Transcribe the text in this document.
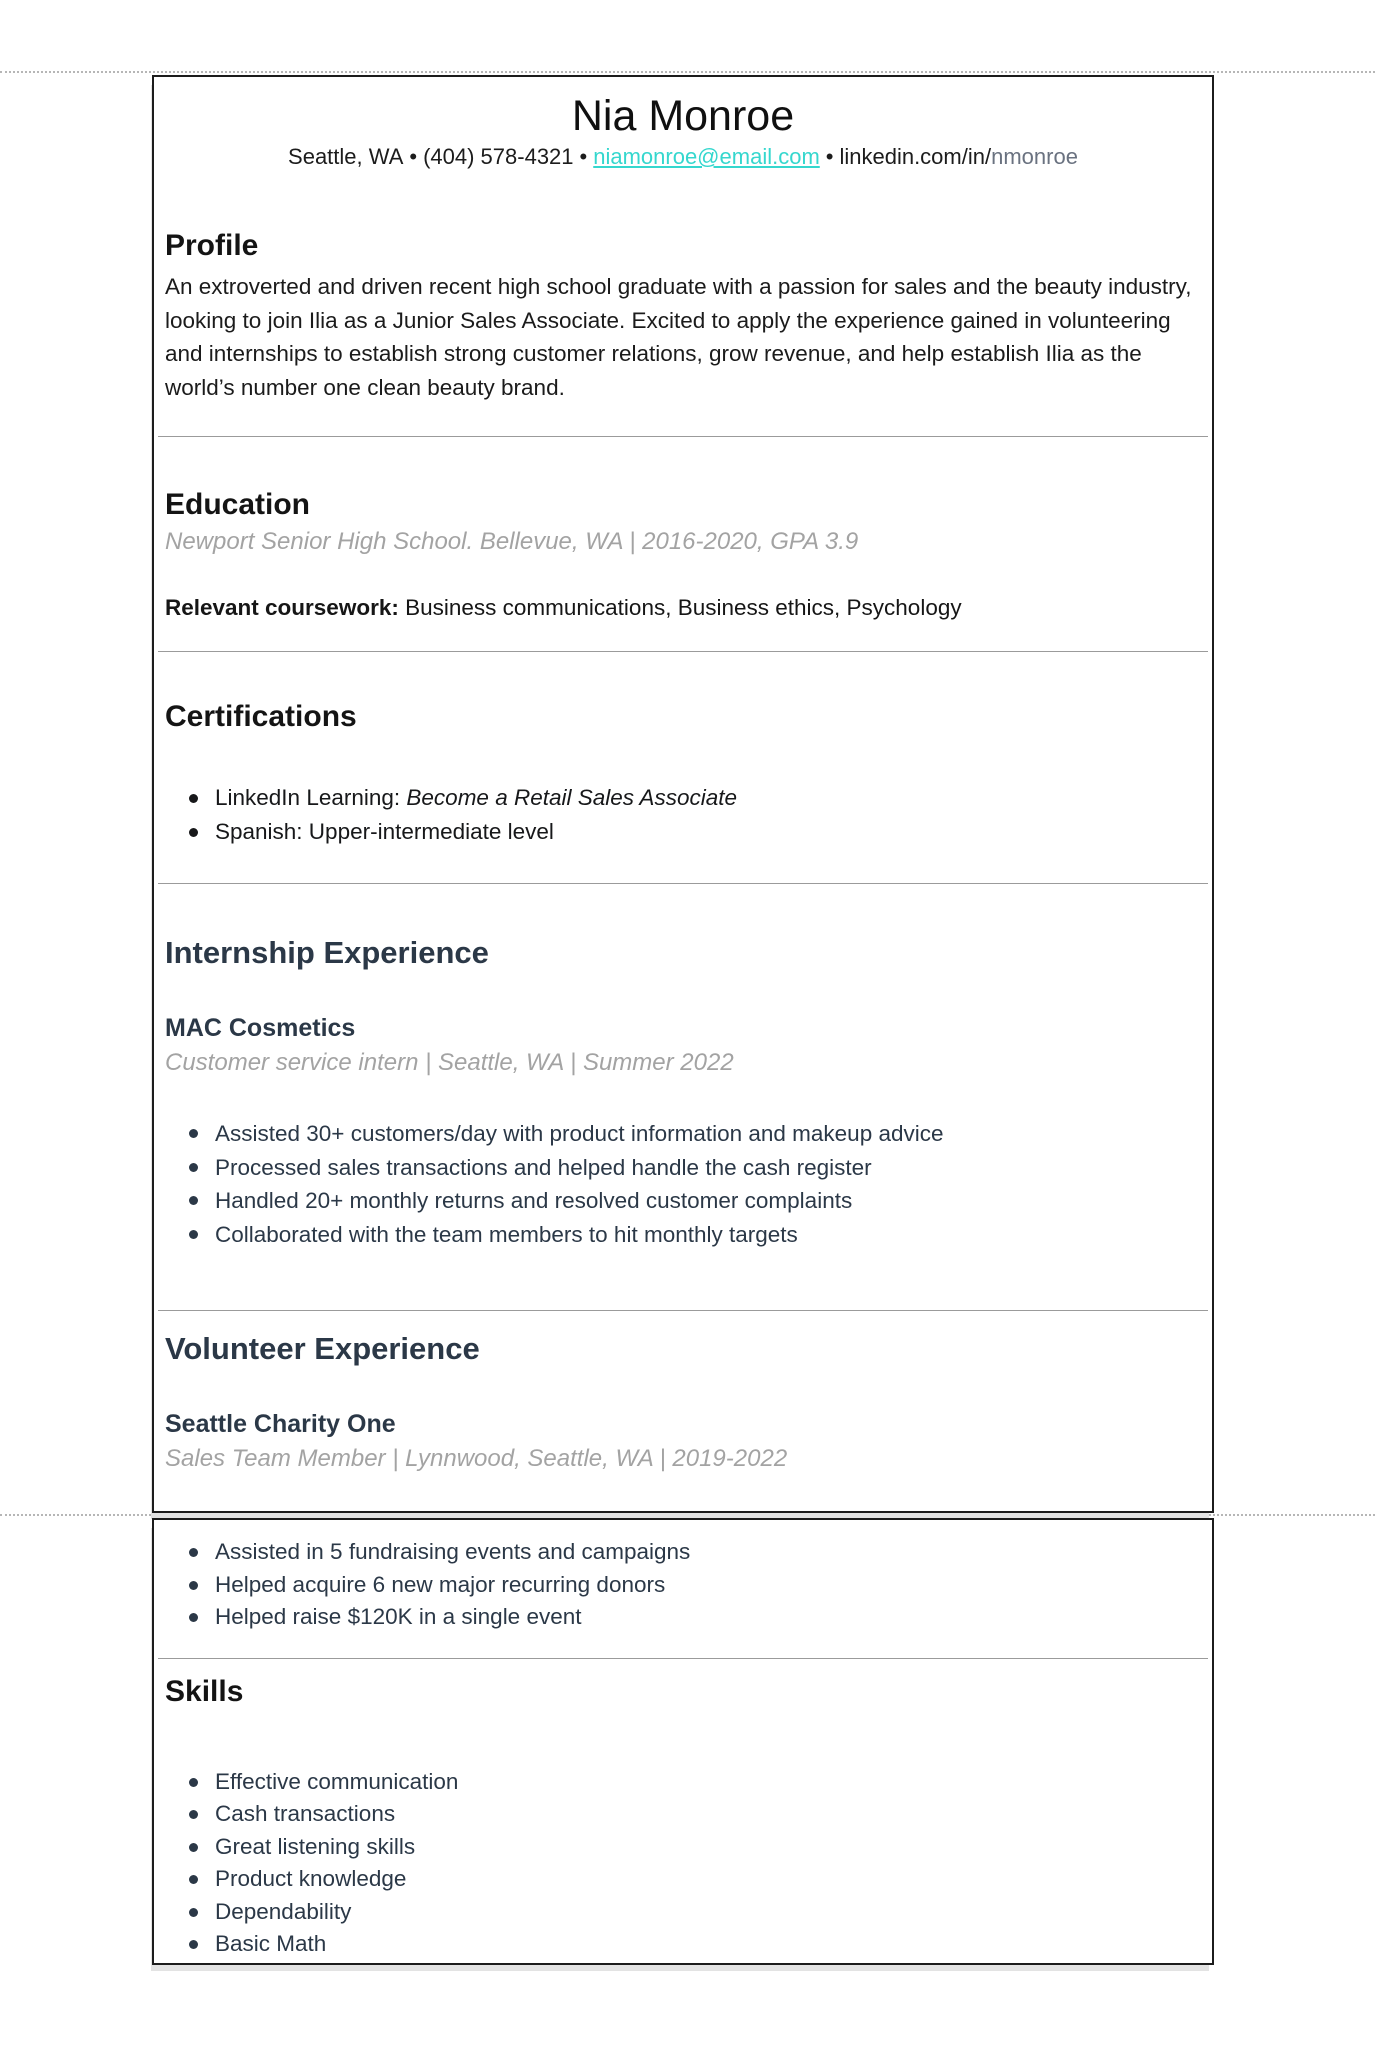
Nia Monroe

Seattle, WA • (404) 578-4321 • niamonroe@email.com • linkedin.com/in/nmonroe

Profile

An extroverted and driven recent high school graduate with a passion for sales and the beauty industry, looking to join Ilia as a Junior Sales Associate. Excited to apply the experience gained in volunteering and internships to establish strong customer relations, grow revenue, and help establish Ilia as the world’s number one clean beauty brand.

Education

Newport Senior High School. Bellevue, WA | 2016-2020, GPA 3.9

Relevant coursework: Business communications, Business ethics, Psychology

Certifications
LinkedIn Learning: Become a Retail Sales Associate
Spanish: Upper-intermediate level
Internship Experience
MAC Cosmetics

Customer service intern | Seattle, WA | Summer 2022

Assisted 30+ customers/day with product information and makeup advice
Processed sales transactions and helped handle the cash register
Handled 20+ monthly returns and resolved customer complaints
Collaborated with the team members to hit monthly targets
Volunteer Experience
Seattle Charity One

Sales Team Member | Lynnwood, Seattle, WA | 2019-2022

Assisted in 5 fundraising events and campaigns
Helped acquire 6 new major recurring donors
Helped raise $120K in a single event
Skills
Effective communication
Cash transactions
Great listening skills
Product knowledge
Dependability
Basic Math
